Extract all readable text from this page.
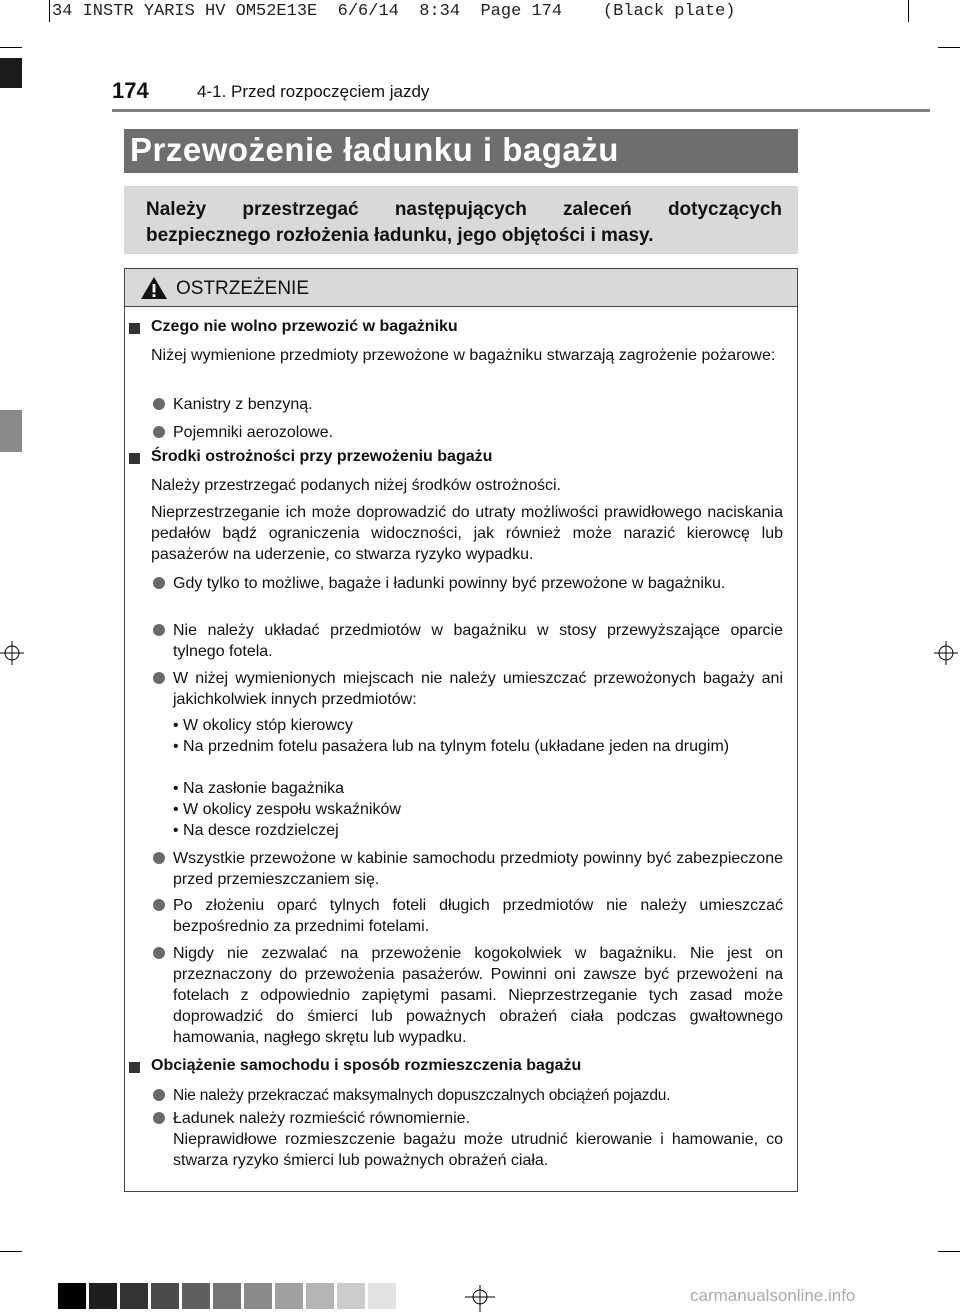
34 INSTR YARIS HV OM52E13E  6/6/14  8:34  Page 174    (Black plate)
174	4-1. Przed rozpoczęciem jazdy
Przewożenie ładunku i bagażu
Należy przestrzegać następujących zaleceń dotyczących bezpiecznego rozłożenia ładunku, jego objętości i masy.
OSTRZEŻENIE
Czego nie wolno przewozić w bagażniku
Niżej wymienione przedmioty przewożone w bagażniku stwarzają zagrożenie pożarowe:
Kanistry z benzyną.
Pojemniki aerozolowe.
Środki ostrożności przy przewożeniu bagażu
Należy przestrzegać podanych niżej środków ostrożności.
Nieprzestrzeganie ich może doprowadzić do utraty możliwości prawidłowego naciskania pedałów bądź ograniczenia widoczności, jak również może narazić kierowcę lub pasażerów na uderzenie, co stwarza ryzyko wypadku.
Gdy tylko to możliwe, bagaże i ładunki powinny być przewożone w bagażniku.
Nie należy układać przedmiotów w bagażniku w stosy przewyższające oparcie tylnego fotela.
W niżej wymienionych miejscach nie należy umieszczać przewożonych bagaży ani jakichkolwiek innych przedmiotów:
• W okolicy stóp kierowcy
• Na przednim fotelu pasażera lub na tylnym fotelu (układane jeden na drugim)
• Na zasłonie bagażnika
• W okolicy zespołu wskaźników
• Na desce rozdzielczej
Wszystkie przewożone w kabinie samochodu przedmioty powinny być zabezpieczone przed przemieszczaniem się.
Po złożeniu oparć tylnych foteli długich przedmiotów nie należy umieszczać bezpośrednio za przednimi fotelami.
Nigdy nie zezwalać na przewożenie kogokolwiek w bagażniku. Nie jest on przeznaczony do przewożenia pasażerów. Powinni oni zawsze być przewożeni na fotelach z odpowiednio zapiętymi pasami. Nieprzestrzeganie tych zasad może doprowadzić do śmierci lub poważnych obrażeń ciała podczas gwałtownego hamowania, nagłego skrętu lub wypadku.
Obciążenie samochodu i sposób rozmieszczenia bagażu
Nie należy przekraczać maksymalnych dopuszczalnych obciążeń pojazdu.
Ładunek należy rozmieścić równomiernie.
Nieprawidłowe rozmieszczenie bagażu może utrudnić kierowanie i hamowanie, co stwarza ryzyko śmierci lub poważnych obrażeń ciała.
carmanualsonline.info
